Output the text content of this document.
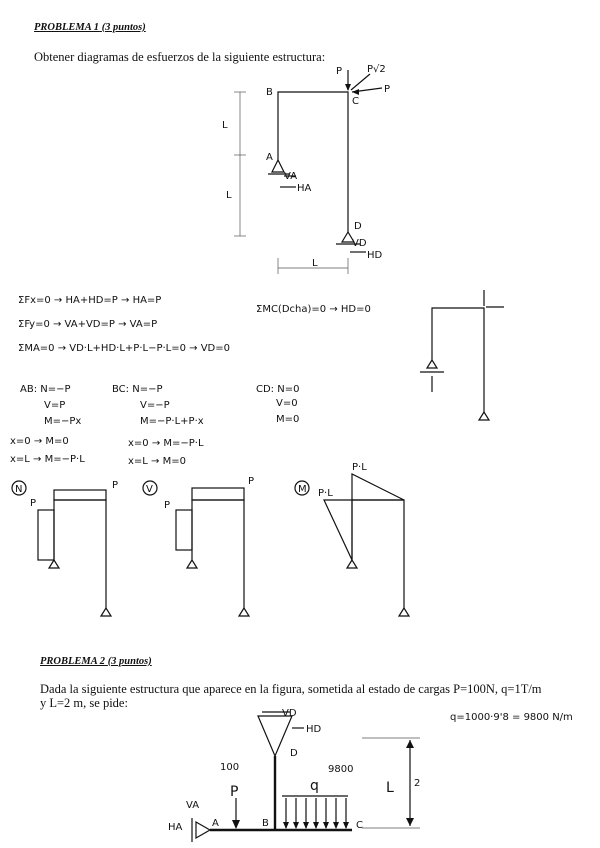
PROBLEMA 1 (3 puntos)
Obtener diagramas de esfuerzos de la siguiente estructura:
P P√2
P
B
C
A
D
VA
HA
VD
HD
L
L
L
ΣFx=0 → HA+HD=P → HA=P
ΣFy=0 → VA+VD=P → VA=P
ΣMA=0 → VD·L+HD·L+P·L−P·L=0 → VD=0
ΣMC(Dcha)=0 → HD=0
AB: N=−P
V=P
M=−Px
x=0 → M=0
x=L → M=−P·L
BC: N=−P
V=−P
M=−P·L+P·x
x=0 → M=−P·L
x=L → M=0
CD: N=0
V=0
M=0
N
P
P	V
P
P
M
P·L
P·L
q=1000·9'8 = 9800 N/m
VD
HD
D
100
P	q
9800
L 2
VA
HA	A	B	C
PROBLEMA 2 (3 puntos)
Dada la siguiente estructura que aparece en la figura, sometida al estado de cargas P=100N, q=1T/m
y L=2 m, se pide:
